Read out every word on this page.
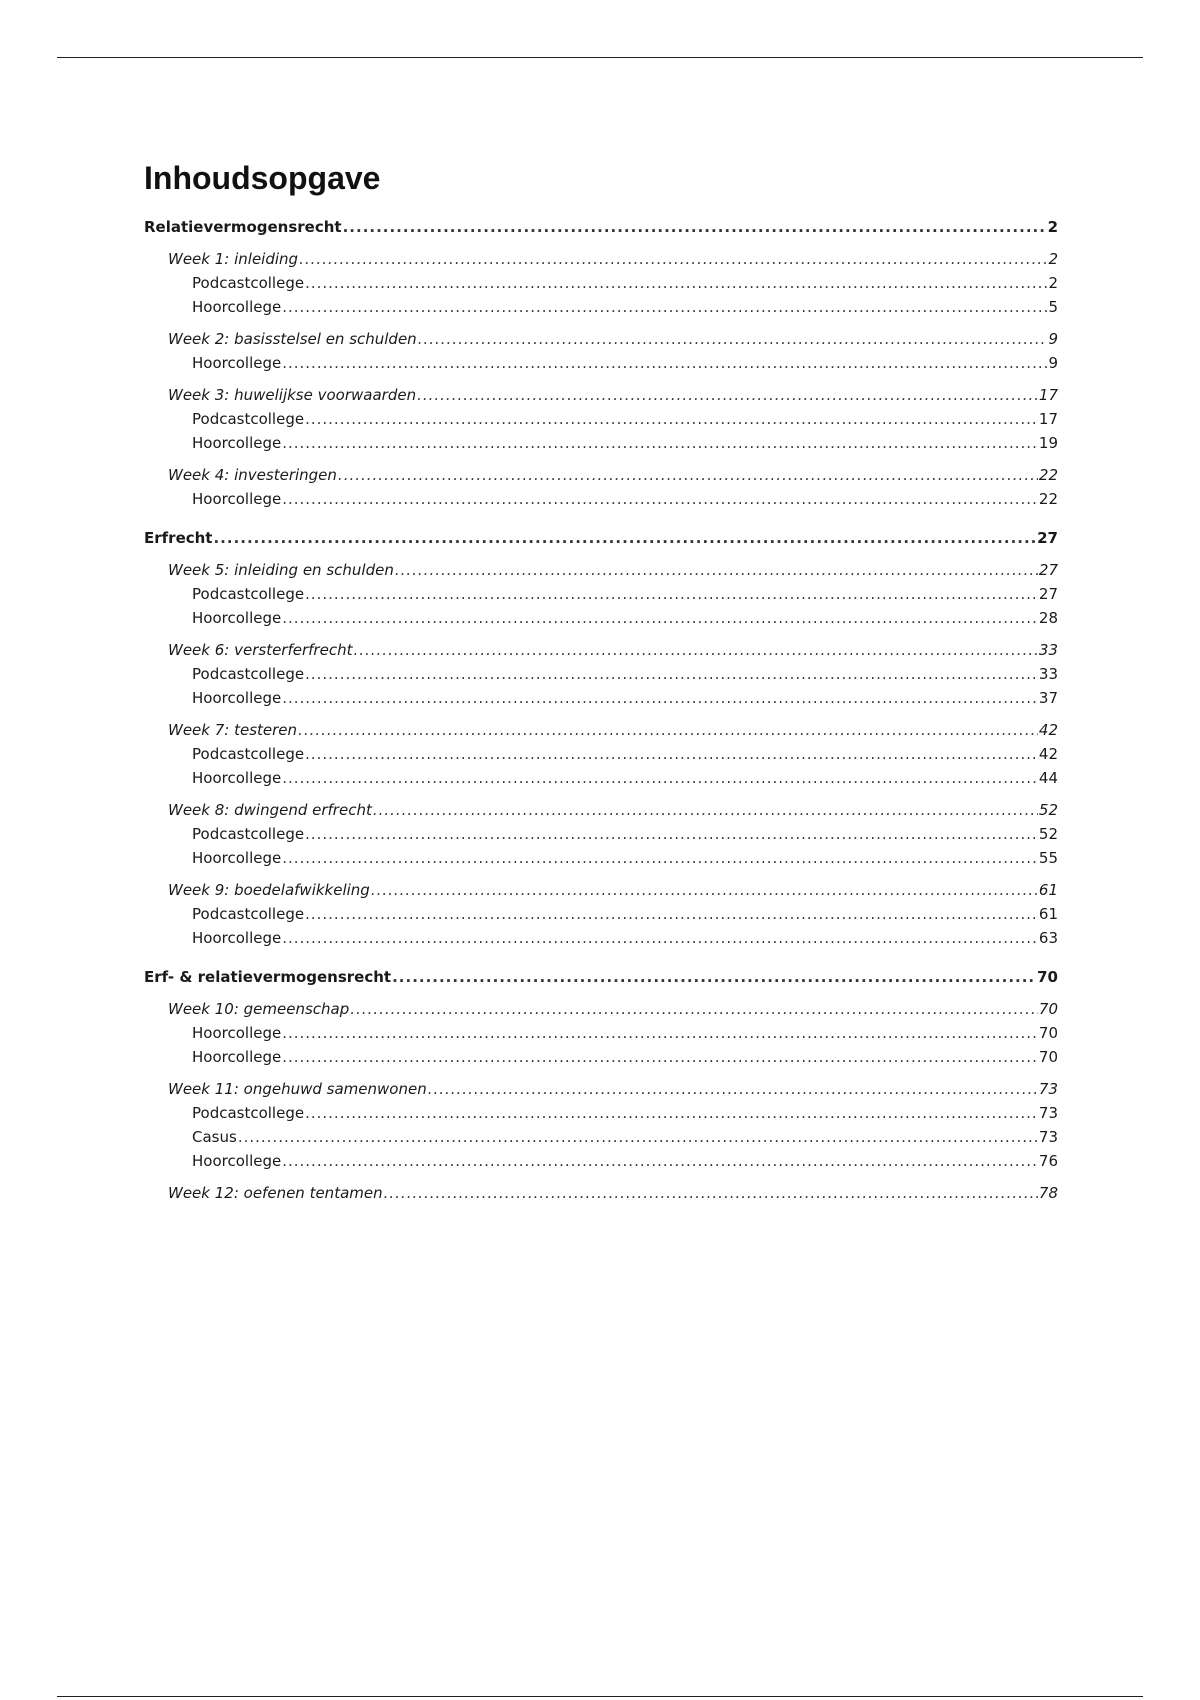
Inhoudsopgave
Relatievermogensrecht .....	2
Week 1: inleiding .....	2
Podcastcollege .....	2
Hoorcollege .....	5
Week 2: basisstelsel en schulden .....	9
Hoorcollege .....	9
Week 3: huwelijkse voorwaarden .....	17
Podcastcollege .....	17
Hoorcollege .....	19
Week 4: investeringen .....	22
Hoorcollege .....	22
Erfrecht .....	27
Week 5: inleiding en schulden .....	27
Podcastcollege .....	27
Hoorcollege .....	28
Week 6: versterferfrecht .....	33
Podcastcollege .....	33
Hoorcollege .....	37
Week 7: testeren .....	42
Podcastcollege .....	42
Hoorcollege .....	44
Week 8: dwingend erfrecht .....	52
Podcastcollege .....	52
Hoorcollege .....	55
Week 9: boedelafwikkeling .....	61
Podcastcollege .....	61
Hoorcollege .....	63
Erf- & relatievermogensrecht .....	70
Week 10: gemeenschap .....	70
Hoorcollege .....	70
Hoorcollege .....	70
Week 11: ongehuwd samenwonen .....	73
Podcastcollege .....	73
Casus .....	73
Hoorcollege .....	76
Week 12: oefenen tentamen .....	78
